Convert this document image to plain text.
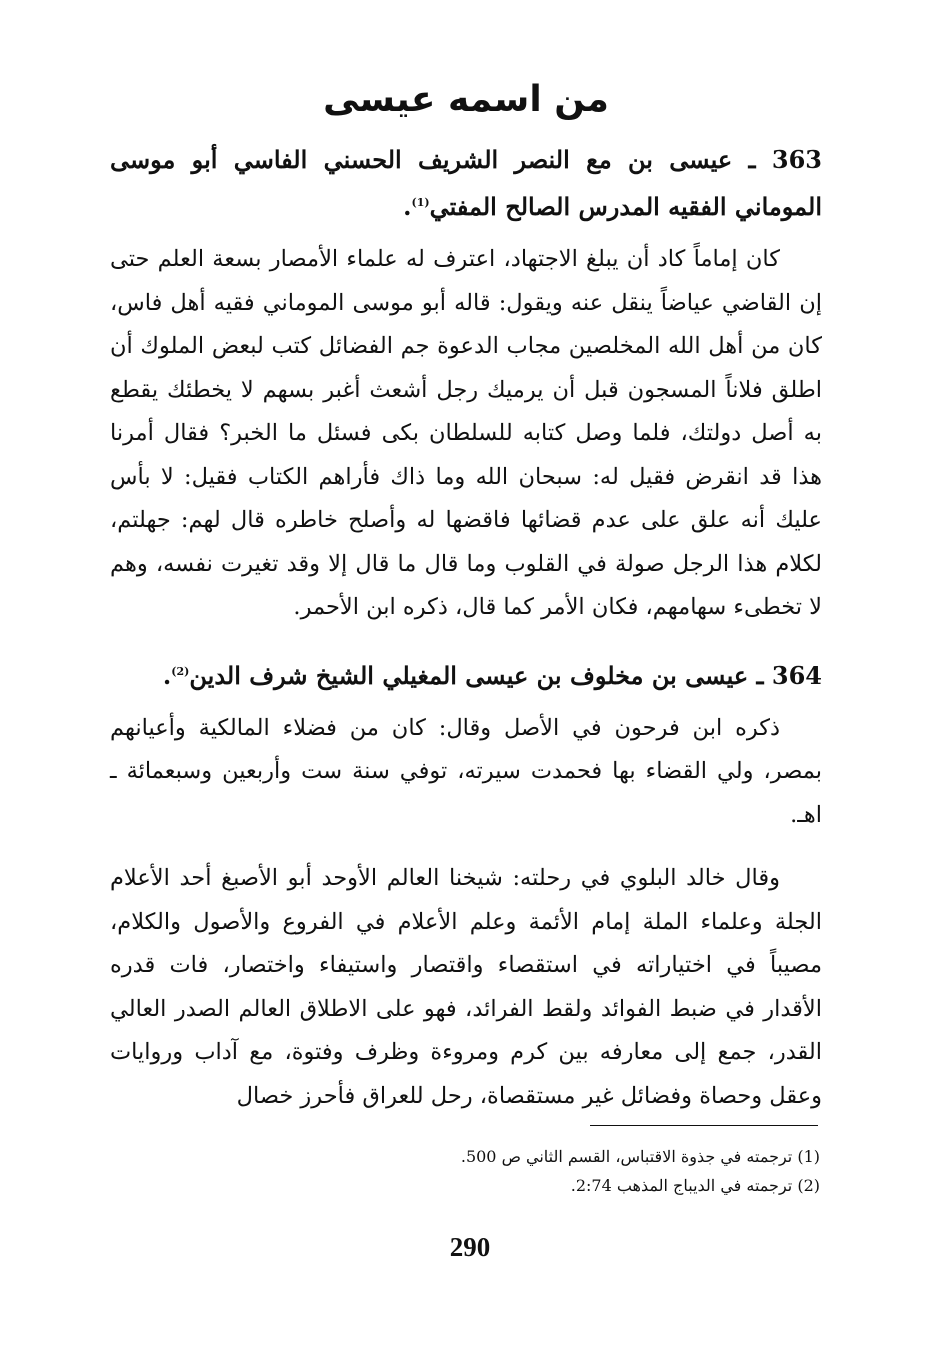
من اسمه عيسى
363 ـ عيسى بن مع النصر الشريف الحسني الفاسي أبو موسى الموماني الفقيه المدرس الصالح المفتي$^{(1)}$.

كان إماماً كاد أن يبلغ الاجتهاد، اعترف له علماء الأمصار بسعة العلم حتى إن القاضي عياضاً ينقل عنه ويقول: قاله أبو موسى الموماني فقيه أهل فاس، كان من أهل الله المخلصين مجاب الدعوة جم الفضائل كتب لبعض الملوك أن اطلق فلاناً المسجون قبل أن يرميك رجل أشعث أغبر بسهم لا يخطئك يقطع به أصل دولتك، فلما وصل كتابه للسلطان بكى فسئل ما الخبر؟ فقال أمرنا هذا قد انقرض فقيل له: سبحان الله وما ذاك فأراهم الكتاب فقيل: لا بأس عليك أنه علق على عدم قضائها فاقضها له وأصلح خاطره قال لهم: جهلتم، لكلام هذا الرجل صولة في القلوب وما قال ما قال إلا وقد تغيرت نفسه، وهم لا تخطىء سهامهم، فكان الأمر كما قال، ذكره ابن الأحمر.

364 ـ عيسى بن مخلوف بن عيسى المغيلي الشيخ شرف الدين$^{(2)}$.

ذكره ابن فرحون في الأصل وقال: كان من فضلاء المالكية وأعيانهم بمصر، ولي القضاء بها فحمدت سيرته، توفي سنة ست وأربعين وسبعمائة ـ اهـ.

وقال خالد البلوي في رحلته: شيخنا العالم الأوحد أبو الأصبغ أحد الأعلام الجلة وعلماء الملة إمام الأئمة وعلم الأعلام في الفروع والأصول والكلام، مصيباً في اختياراته في استقصاء واقتصار واستيفاء واختصار، فات قدره الأقدار في ضبط الفوائد ولقط الفرائد، فهو على الاطلاق العالم الصدر العالي القدر، جمع إلى معارفه بين كرم ومروءة وظرف وفتوة، مع آداب وروايات وعقل وحصاة وفضائل غير مستقصاة، رحل للعراق فأحرز خصال

(1) ترجمته في جذوة الاقتباس، القسم الثاني ص 500.
(2) ترجمته في الديباج المذهب 2:74.
290
